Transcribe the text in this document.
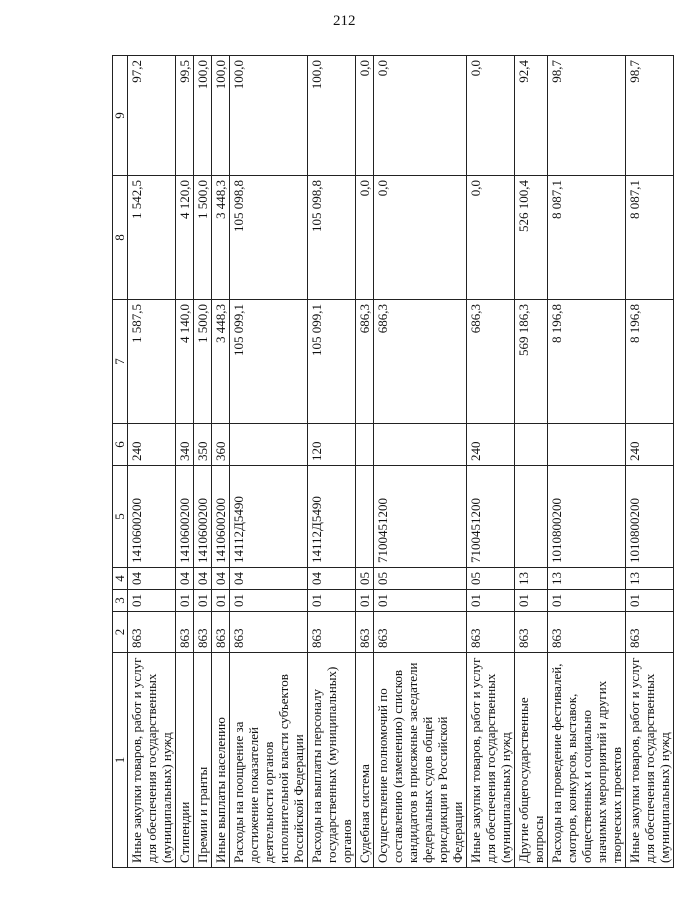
212
1	2	3	4	5	6	7	8	9
Иные закупки товаров, работ и услуг для обеспечения государственных (муниципальных) нужд	863	01	04	1410600200	240	1 587,5	1 542,5	97,2
Стипендии	863	01	04	1410600200	340	4 140,0	4 120,0	99,5
Премии и гранты	863	01	04	1410600200	350	1 500,0	1 500,0	100,0
Иные выплаты населению	863	01	04	1410600200	360	3 448,3	3 448,3	100,0
Расходы на поощрение за достижение показателей деятельности органов исполнительной власти субъектов Российской Федерации	863	01	04	14112Д5490		105 099,1	105 098,8	100,0
Расходы на выплаты персоналу государственных (муниципальных) органов	863	01	04	14112Д5490	120	105 099,1	105 098,8	100,0
Судебная система	863	01	05			686,3	0,0	0,0
Осуществление полномочий по составлению (изменению) списков кандидатов в присяжные заседатели федеральных судов общей юрисдикции в Российской Федерации	863	01	05	7100451200		686,3	0,0	0,0
Иные закупки товаров, работ и услуг для обеспечения государственных (муниципальных) нужд	863	01	05	7100451200	240	686,3	0,0	0,0
Другие общегосударственные вопросы	863	01	13			569 186,3	526 100,4	92,4
Расходы на проведение фестивалей, смотров, конкурсов, выставок, общественных и социально значимых мероприятий и других творческих проектов	863	01	13	1010800200		8 196,8	8 087,1	98,7
Иные закупки товаров, работ и услуг для обеспечения государственных (муниципальных) нужд	863	01	13	1010800200	240	8 196,8	8 087,1	98,7
